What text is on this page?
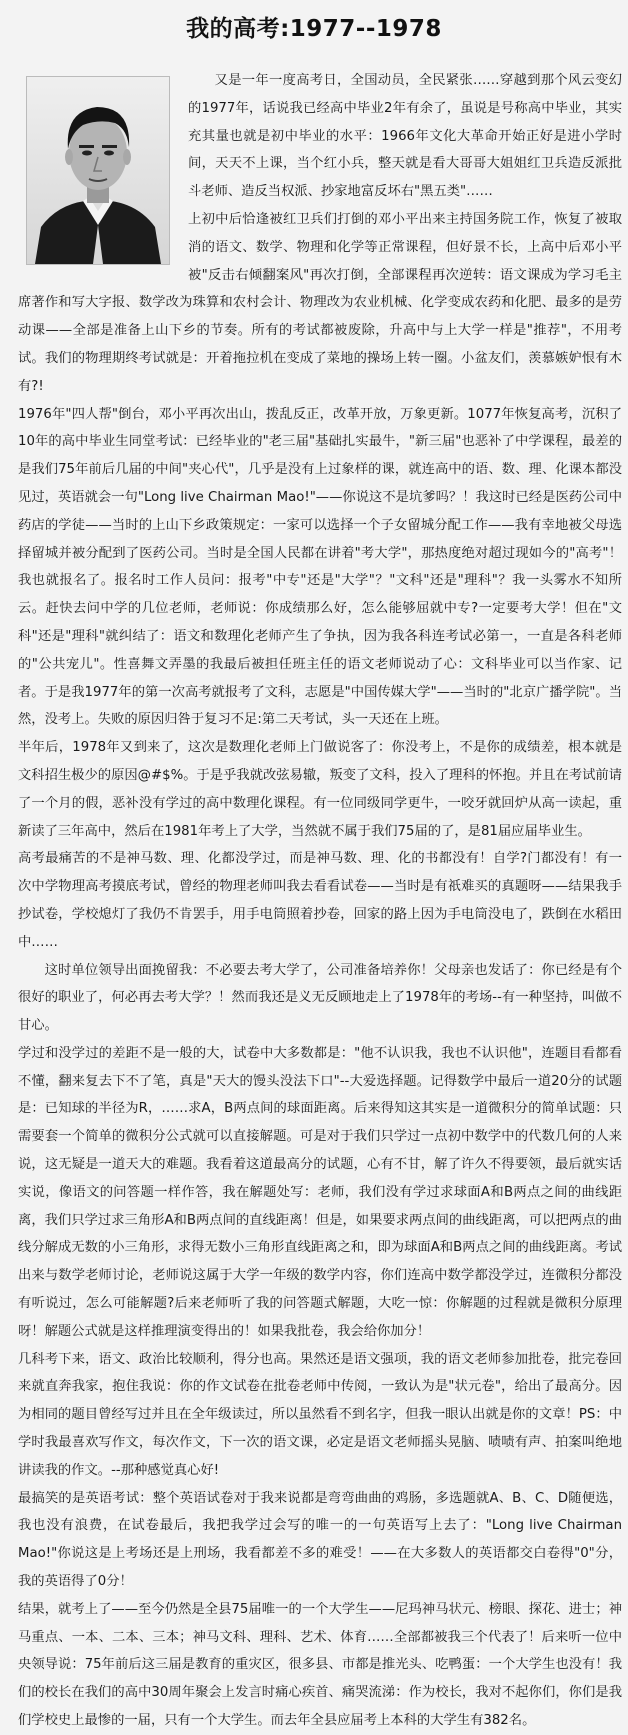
我的高考:1977--1978

又是一年一度高考日，全国动员，全民紧张……穿越到那个风云变幻的1977年，话说我已经高中毕业2年有余了，虽说是号称高中毕业，其实充其量也就是初中毕业的水平：1966年文化大革命开始正好是进小学时间，天天不上课，当个红小兵，整天就是看大哥哥大姐姐红卫兵造反派批斗老师、造反当权派、抄家地富反坏右"黑五类"……

上初中后恰逢被红卫兵们打倒的邓小平出来主持国务院工作，恢复了被取消的语文、数学、物理和化学等正常课程，但好景不长，上高中后邓小平被"反击右倾翻案风"再次打倒，全部课程再次逆转：语文课成为学习毛主席著作和写大字报、数学改为珠算和农村会计、物理改为农业机械、化学变成农药和化肥、最多的是劳动课——全部是准备上山下乡的节奏。所有的考试都被废除，升高中与上大学一样是"推荐"，不用考试。我们的物理期终考试就是：开着拖拉机在变成了菜地的操场上转一圈。小盆友们，羡慕嫉妒恨有木有?!

1976年"四人帮"倒台，邓小平再次出山，拨乱反正，改革开放，万象更新。1077年恢复高考，沉积了10年的高中毕业生同堂考试：已经毕业的"老三届"基础扎实最牛，"新三届"也恶补了中学课程，最差的是我们75年前后几届的中间"夹心代"，几乎是没有上过象样的课，就连高中的语、数、理、化课本都没见过，英语就会一句"Long live Chairman Mao!"——你说这不是坑爹吗？！我这时已经是医药公司中药店的学徒——当时的上山下乡政策规定：一家可以选择一个子女留城分配工作——我有幸地被父母选择留城并被分配到了医药公司。当时是全国人民都在讲着"考大学"，那热度绝对超过现如今的"高考"！我也就报名了。报名时工作人员问：报考"中专"还是"大学"？"文科"还是"理科"？我一头雾水不知所云。赶快去问中学的几位老师，老师说：你成绩那么好，怎么能够屈就中专?一定要考大学！但在"文科"还是"理科"就纠结了：语文和数理化老师产生了争执，因为我各科连考试必第一，一直是各科老师的"公共宠儿"。性喜舞文弄墨的我最后被担任班主任的语文老师说动了心：文科毕业可以当作家、记者。于是我1977年的第一次高考就报考了文科，志愿是"中国传媒大学"——当时的"北京广播学院"。当然，没考上。失败的原因归咎于复习不足:第二天考试，头一天还在上班。

半年后，1978年又到来了，这次是数理化老师上门做说客了：你没考上，不是你的成绩差，根本就是文科招生极少的原因@#$%。于是乎我就改弦易辙，叛变了文科，投入了理科的怀抱。并且在考试前请了一个月的假，恶补没有学过的高中数理化课程。有一位同级同学更牛，一咬牙就回炉从高一读起，重新读了三年高中，然后在1981年考上了大学，当然就不属于我们75届的了，是81届应届毕业生。

高考最痛苦的不是神马数、理、化都没学过，而是神马数、理、化的书都没有！自学?门都没有！有一次中学物理高考摸底考试，曾经的物理老师叫我去看看试卷——当时是有祇难买的真题呀——结果我手抄试卷，学校熄灯了我仍不肯罢手，用手电筒照着抄卷，回家的路上因为手电筒没电了，跌倒在水稻田中……

这时单位领导出面挽留我：不必要去考大学了，公司准备培养你！父母亲也发话了：你已经是有个很好的职业了，何必再去考大学？！然而我还是义无反顾地走上了1978年的考场--有一种坚持，叫做不甘心。

学过和没学过的差距不是一般的大，试卷中大多数都是："他不认识我，我也不认识他"，连题目看都看不懂，翻来复去下不了笔，真是"天大的馒头没法下口"--大爱选择题。记得数学中最后一道20分的试题是：已知球的半径为R，……求A，B两点间的球面距离。后来得知这其实是一道微积分的简单试题：只需要套一个简单的微积分公式就可以直接解题。可是对于我们只学过一点初中数学中的代数几何的人来说，这无疑是一道天大的难题。我看着这道最高分的试题，心有不甘，解了许久不得要领，最后就实话实说，像语文的问答题一样作答，我在解题处写：老师，我们没有学过求球面A和B两点之间的曲线距离，我们只学过求三角形A和B两点间的直线距离！但是，如果要求两点间的曲线距离，可以把两点的曲线分解成无数的小三角形，求得无数小三角形直线距离之和，即为球面A和B两点之间的曲线距离。考试出来与数学老师讨论，老师说这属于大学一年级的数学内容，你们连高中数学都没学过，连微积分都没有听说过，怎么可能解题?后来老师听了我的问答题式解题，大吃一惊：你解题的过程就是微积分原理呀！解题公式就是这样推理演变得出的！如果我批卷，我会给你加分！

几科考下来，语文、政治比较顺利，得分也高。果然还是语文强项，我的语文老师参加批卷，批完卷回来就直奔我家，抱住我说：你的作文试卷在批卷老师中传阅，一致认为是"状元卷"，给出了最高分。因为相同的题目曾经写过并且在全年级读过，所以虽然看不到名字，但我一眼认出就是你的文章！PS：中学时我最喜欢写作文，每次作文，下一次的语文课，必定是语文老师摇头晃脑、啧啧有声、拍案叫绝地讲读我的作文。--那种感觉真心好!

最搞笑的是英语考试：整个英语试卷对于我来说都是弯弯曲曲的鸡肠，多选题就A、B、C、D随便选，我也没有浪费，在试卷最后，我把我学过会写的唯一的一句英语写上去了："Long live Chairman Mao!"你说这是上考场还是上刑场，我看都差不多的难受！——在大多数人的英语都交白卷得"0"分，我的英语得了0分！

结果，就考上了——至今仍然是全县75届唯一的一个大学生——尼玛神马状元、榜眼、探花、进士；神马重点、一本、二本、三本；神马文科、理科、艺术、体育……全部都被我三个代表了！后来听一位中央领导说：75年前后这三届是教育的重灾区，很多县、市都是推光头、吃鸭蛋：一个大学生也没有！我们的校长在我们的高中30周年聚会上发言时痛心疾首、痛哭流涕：作为校长，我对不起你们，你们是我们学校史上最惨的一届，只有一个大学生。而去年全县应届考上本科的大学生有382名。
